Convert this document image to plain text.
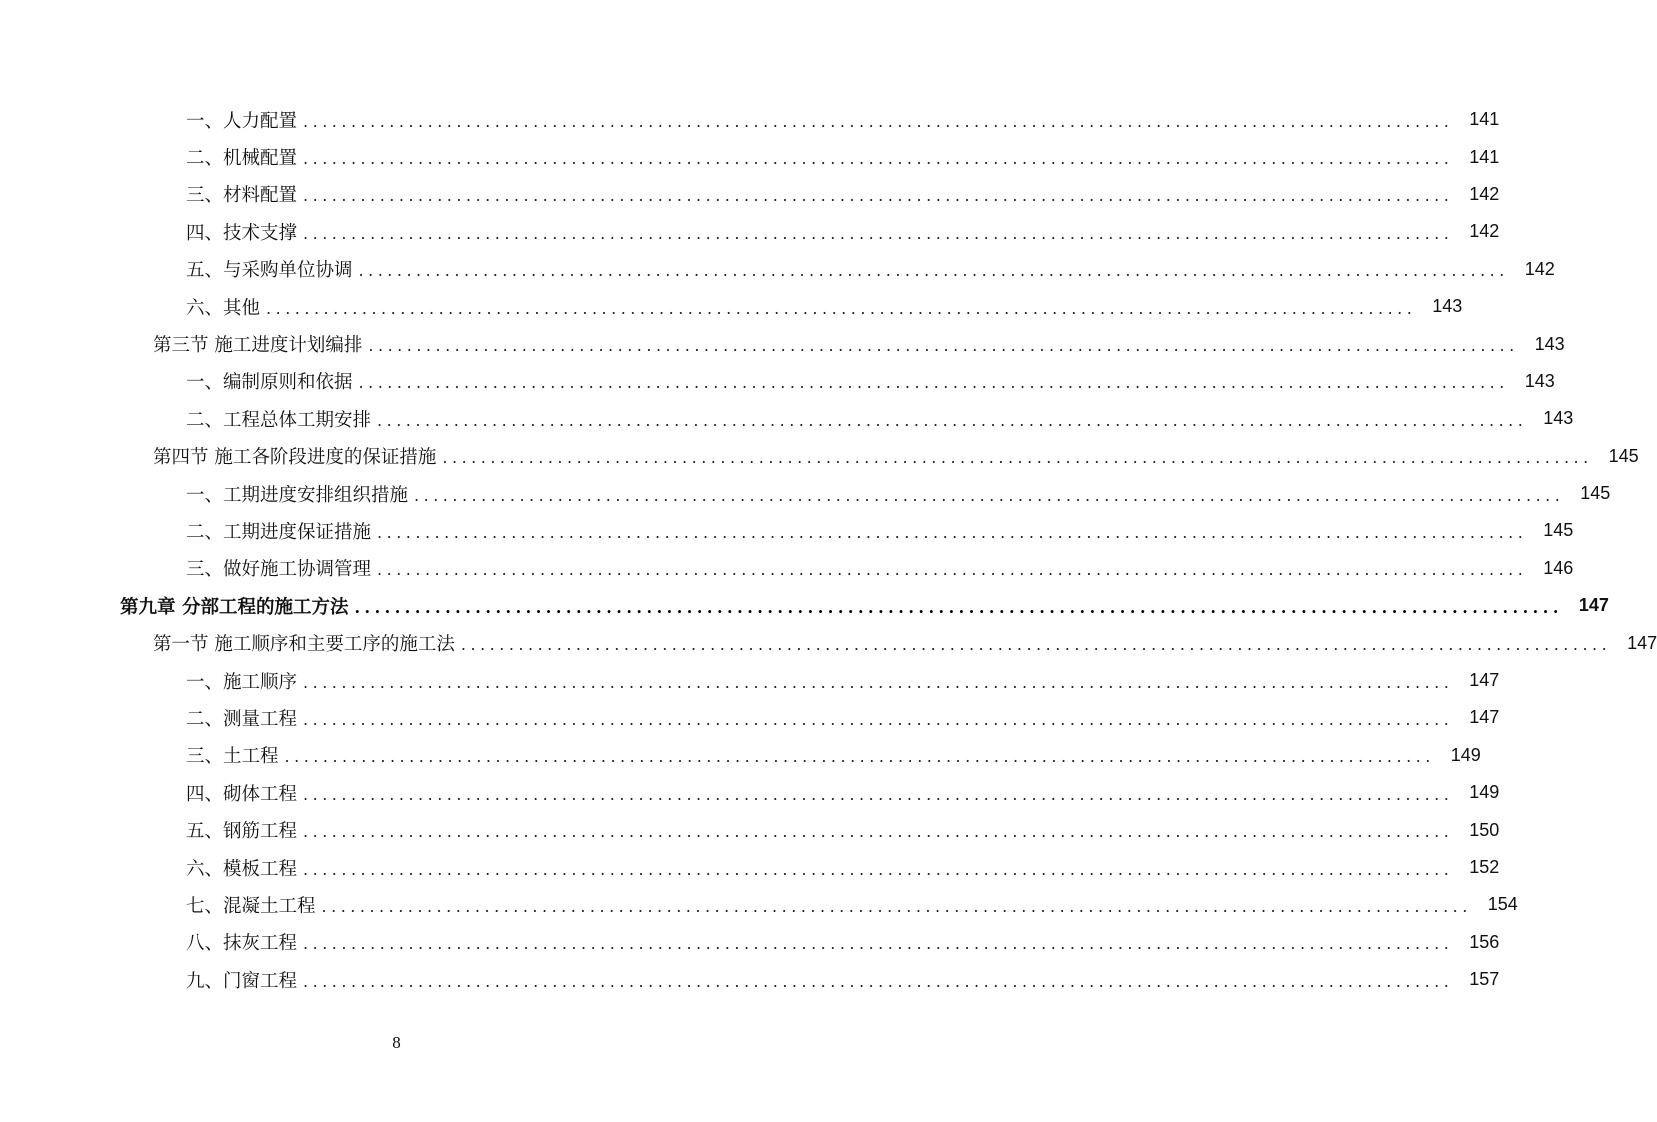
一、人力配置 ........................................................................................................................ 141
二、机械配置 ........................................................................................................................ 141
三、材料配置 ........................................................................................................................ 142
四、技术支撑 ........................................................................................................................ 142
五、与采购单位协调 ........................................................................................................................ 142
六、其他 ........................................................................................................................ 143
第三节 施工进度计划编排 ........................................................................................................................ 143
一、编制原则和依据 ........................................................................................................................ 143
二、工程总体工期安排 ........................................................................................................................ 143
第四节 施工各阶段进度的保证措施 ........................................................................................................................ 145
一、工期进度安排组织措施 ........................................................................................................................ 145
二、工期进度保证措施 ........................................................................................................................ 145
三、做好施工协调管理 ........................................................................................................................ 146
第九章 分部工程的施工方法 ........................................................................................................................ 147
第一节 施工顺序和主要工序的施工法 ........................................................................................................................ 147
一、施工顺序 ........................................................................................................................ 147
二、测量工程 ........................................................................................................................ 147
三、土工程 ........................................................................................................................ 149
四、砌体工程 ........................................................................................................................ 149
五、钢筋工程 ........................................................................................................................ 150
六、模板工程 ........................................................................................................................ 152
七、混凝土工程 ........................................................................................................................ 154
八、抹灰工程 ........................................................................................................................ 156
九、门窗工程 ........................................................................................................................ 157
8
